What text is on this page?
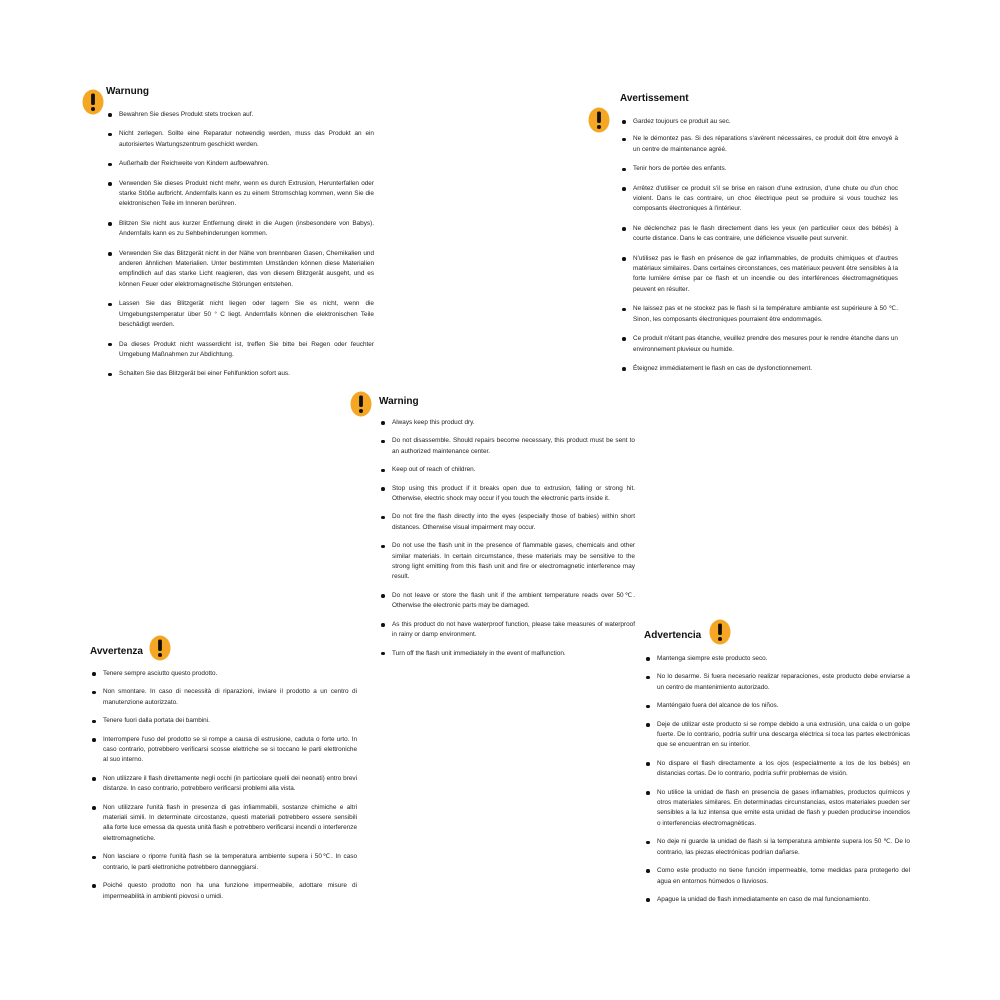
Warnung
Bewahren Sie dieses Produkt stets trocken auf.
Nicht zerlegen. Sollte eine Reparatur notwendig werden, muss das Produkt an ein autorisiertes Wartungszentrum geschickt werden.
Außerhalb der Reichweite von Kindern aufbewahren.
Verwenden Sie dieses Produkt nicht mehr, wenn es durch Extrusion, Herunterfallen oder starke Stöße aufbricht. Andernfalls kann es zu einem Stromschlag kommen, wenn Sie die elektronischen Teile im Inneren berühren.
Blitzen Sie nicht aus kurzer Entfernung direkt in die Augen (insbesondere von Babys). Andernfalls kann es zu Sehbehinderungen kommen.
Verwenden Sie das Blitzgerät nicht in der Nähe von brennbaren Gasen, Chemikalien und anderen ähnlichen Materialien. Unter bestimmten Umständen können diese Materialien empfindlich auf das starke Licht reagieren, das von diesem Blitzgerät ausgeht, und es können Feuer oder elektromagnetische Störungen entstehen.
Lassen Sie das Blitzgerät nicht liegen oder lagern Sie es nicht, wenn die Umgebungstemperatur über 50 ° C liegt. Andernfalls können die elektronischen Teile beschädigt werden.
Da dieses Produkt nicht wasserdicht ist, treffen Sie bitte bei Regen oder feuchter Umgebung Maßnahmen zur Abdichtung.
Schalten Sie das Blitzgerät bei einer Fehlfunktion sofort aus.
Avertissement
Gardez toujours ce produit au sec.
Ne le démontez pas. Si des réparations s'avèrent nécessaires, ce produit doit être envoyé à un centre de maintenance agréé.
Tenir hors de portée des enfants.
Arrêtez d'utiliser ce produit s'il se brise en raison d'une extrusion, d'une chute ou d'un choc violent. Dans le cas contraire, un choc électrique peut se produire si vous touchez les composants électroniques à l'intérieur.
Ne déclenchez pas le flash directement dans les yeux (en particulier ceux des bébés) à courte distance. Dans le cas contraire, une déficience visuelle peut survenir.
N'utilisez pas le flash en présence de gaz inflammables, de produits chimiques et d'autres matériaux similaires. Dans certaines circonstances, ces matériaux peuvent être sensibles à la forte lumière émise par ce flash et un incendie ou des interférences électromagnétiques peuvent en résulter.
Ne laissez pas et ne stockez pas le flash si la température ambiante est supérieure à 50 ℃. Sinon, les composants électroniques pourraient être endommagés.
Ce produit n'étant pas étanche, veuillez prendre des mesures pour le rendre étanche dans un environnement pluvieux ou humide.
Éteignez immédiatement le flash en cas de dysfonctionnement.
Warning
Always keep this product dry.
Do not disassemble. Should repairs become necessary, this product must be sent to an authorized maintenance center.
Keep out of reach of children.
Stop using this product if it breaks open due to extrusion, falling or strong hit. Otherwise, electric shock may occur if you touch the electronic parts inside it.
Do not fire the flash directly into the eyes (especially those of babies) within short distances. Otherwise visual impairment may occur.
Do not use the flash unit in the presence of flammable gases, chemicals and other similar materials. In certain circumstance, these materials may be sensitive to the strong light emitting from this flash unit and fire or electromagnetic interference may result.
Do not leave or store the flash unit if the ambient temperature reads over 50℃. Otherwise the electronic parts may be damaged.
As this product do not have waterproof function, please take measures of waterproof in rainy or damp environment.
Turn off the flash unit immediately in the event of malfunction.
Avvertenza
Tenere sempre asciutto questo prodotto.
Non smontare. In caso di necessità di riparazioni, inviare il prodotto a un centro di manutenzione autorizzato.
Tenere fuori dalla portata dei bambini.
Interrompere l'uso del prodotto se si rompe a causa di estrusione, caduta o forte urto. In caso contrario, potrebbero verificarsi scosse elettriche se si toccano le parti elettroniche al suo interno.
Non utilizzare il flash direttamente negli occhi (in particolare quelli dei neonati) entro brevi distanze. In caso contrario, potrebbero verificarsi problemi alla vista.
Non utilizzare l'unità flash in presenza di gas infiammabili, sostanze chimiche e altri materiali simili. In determinate circostanze, questi materiali potrebbero essere sensibili alla forte luce emessa da questa unità flash e potrebbero verificarsi incendi o interferenze elettromagnetiche.
Non lasciare o riporre l'unità flash se la temperatura ambiente supera i 50℃. In caso contrario, le parti elettroniche potrebbero danneggiarsi.
Poiché questo prodotto non ha una funzione impermeabile, adottare misure di impermeabilità in ambienti piovosi o umidi.
Advertencia
Mantenga siempre este producto seco.
No lo desarme. Si fuera necesario realizar reparaciones, este producto debe enviarse a un centro de mantenimiento autorizado.
Manténgalo fuera del alcance de los niños.
Deje de utilizar este producto si se rompe debido a una extrusión, una caída o un golpe fuerte. De lo contrario, podría sufrir una descarga eléctrica si toca las partes electrónicas que se encuentran en su interior.
No dispare el flash directamente a los ojos (especialmente a los de los bebés) en distancias cortas. De lo contrario, podría sufrir problemas de visión.
No utilice la unidad de flash en presencia de gases inflamables, productos químicos y otros materiales similares. En determinadas circunstancias, estos materiales pueden ser sensibles a la luz intensa que emite esta unidad de flash y pueden producirse incendios o interferencias electromagnéticas.
No deje ni guarde la unidad de flash si la temperatura ambiente supera los 50 ℃. De lo contrario, las piezas electrónicas podrían dañarse.
Como este producto no tiene función impermeable, tome medidas para protegerlo del agua en entornos húmedos o lluviosos.
Apague la unidad de flash inmediatamente en caso de mal funcionamiento.
